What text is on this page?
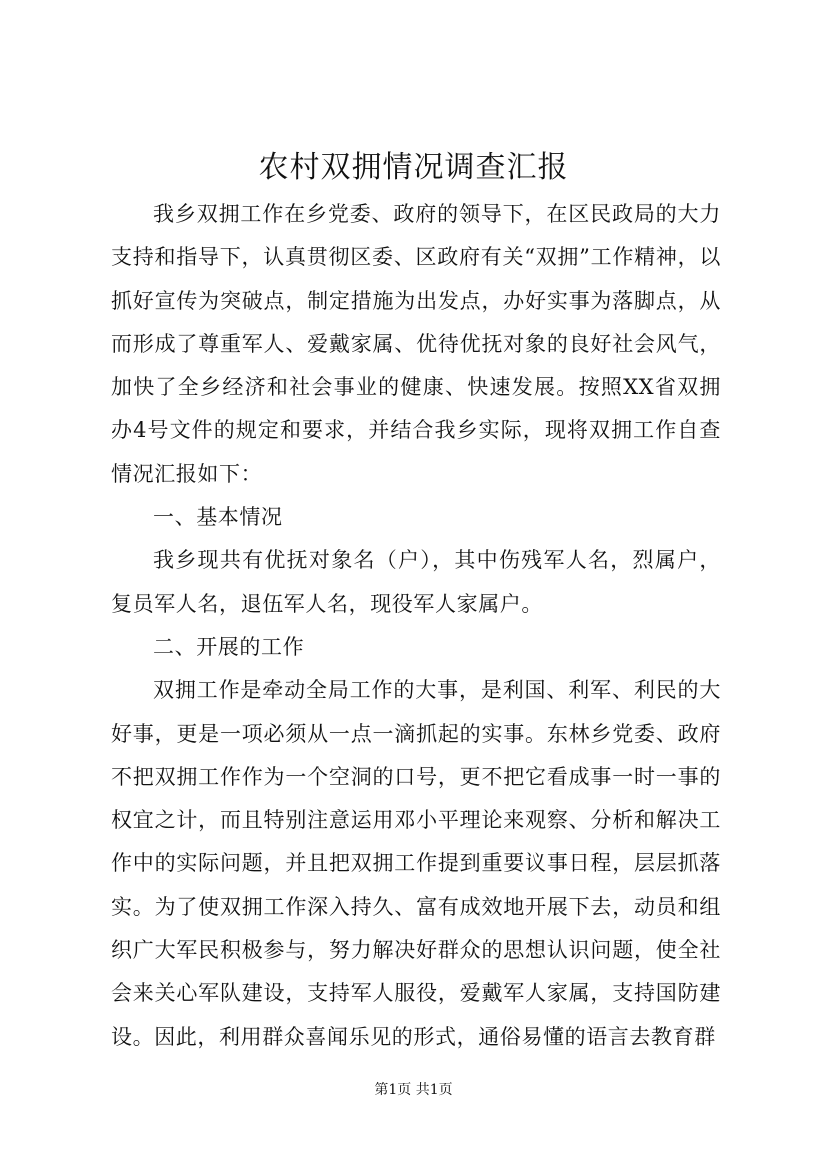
农村双拥情况调查汇报

我乡双拥工作在乡党委、政府的领导下，在区民政局的大力支持和指导下，认真贯彻区委、区政府有关“双拥”工作精神，以抓好宣传为突破点，制定措施为出发点，办好实事为落脚点，从而形成了尊重军人、爱戴家属、优待优抚对象的良好社会风气，加快了全乡经济和社会事业的健康、快速发展。按照XX省双拥办4号文件的规定和要求，并结合我乡实际，现将双拥工作自查情况汇报如下：

一、基本情况

我乡现共有优抚对象名（户），其中伤残军人名，烈属户，复员军人名，退伍军人名，现役军人家属户。

二、开展的工作

双拥工作是牵动全局工作的大事，是利国、利军、利民的大好事，更是一项必须从一点一滴抓起的实事。东林乡党委、政府不把双拥工作作为一个空洞的口号，更不把它看成事一时一事的权宜之计，而且特别注意运用邓小平理论来观察、分析和解决工作中的实际问题，并且把双拥工作提到重要议事日程，层层抓落实。为了使双拥工作深入持久、富有成效地开展下去，动员和组织广大军民积极参与，努力解决好群众的思想认识问题，使全社会来关心军队建设，支持军人服役，爱戴军人家属，支持国防建设。因此，利用群众喜闻乐见的形式，通俗易懂的语言去教育群

第1页 共1页
